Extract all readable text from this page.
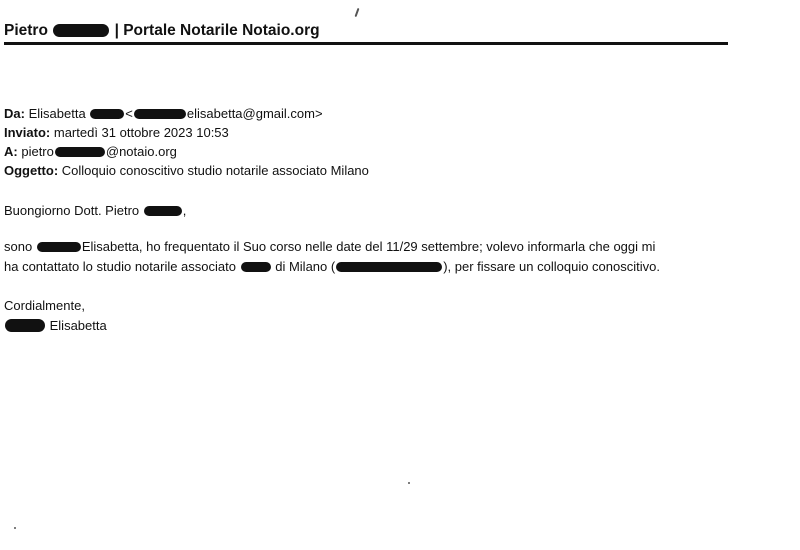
Pietro	| Portale Notarile Notaio.org
Da: Elisabetta	<	elisabetta@gmail.com>
Inviato: martedì 31 ottobre 2023 10:53
A: pietro	@notaio.org
Oggetto: Colloquio conoscitivo studio notarile associato Milano
Buongiorno Dott. Pietro	,
sono	Elisabetta, ho frequentato il Suo corso nelle date del 11/29 settembre; volevo informarla che oggi mi
ha contattato lo studio notarile associato	di Milano (	), per fissare un colloquio conoscitivo.
Cordialmente,
Elisabetta
